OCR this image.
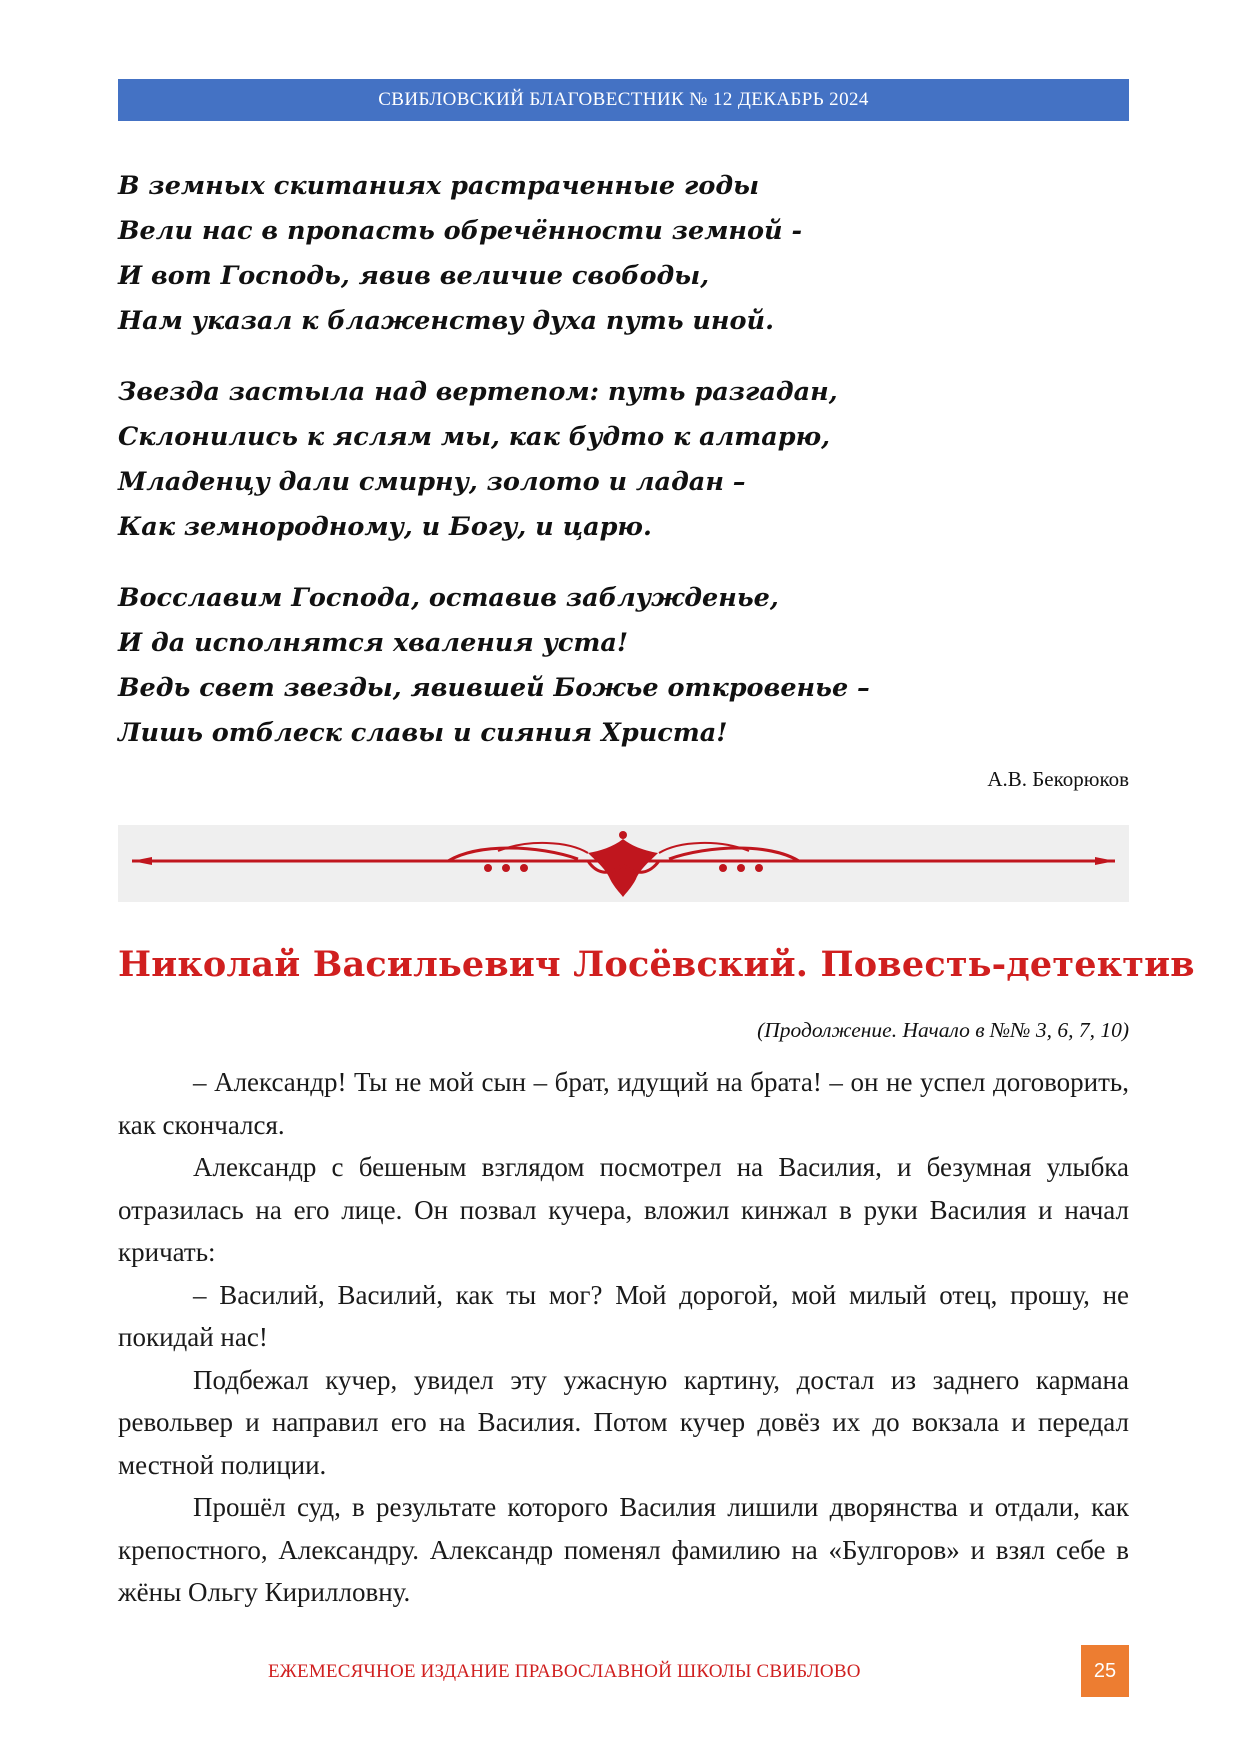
СВИБЛОВСКИЙ БЛАГОВЕСТНИК № 12 ДЕКАБРЬ 2024
В земных скитаниях растраченные годы
Вели нас в пропасть обречённости земной -
И вот Господь, явив величие свободы,
Нам указал к блаженству духа путь иной.
Звезда застыла над вертепом: путь разгадан,
Склонились к яслям мы, как будто к алтарю,
Младенцу дали смирну, золото и ладан –
Как земнородному, и Богу, и царю.
Восславим Господа, оставив заблужденье,
И да исполнятся хваления уста!
Ведь свет звезды, явившей Божье откровенье –
Лишь отблеск славы и сияния Христа!
А.В. Бекорюков
Николай Васильевич Лосёвский. Повесть-детектив
(Продолжение. Начало в №№ 3, 6, 7, 10)

– Александр! Ты не мой сын – брат, идущий на брата! – он не успел договорить, как скончался.

Александр с бешеным взглядом посмотрел на Василия, и безумная улыбка отразилась на его лице. Он позвал кучера, вложил кинжал в руки Василия и начал кричать:

– Василий, Василий, как ты мог? Мой дорогой, мой милый отец, прошу, не покидай нас!

Подбежал кучер, увидел эту ужасную картину, достал из заднего кармана револьвер и направил его на Василия. Потом кучер довёз их до вокзала и передал местной полиции.

Прошёл суд, в результате которого Василия лишили дворянства и отдали, как крепостного, Александру. Александр поменял фамилию на «Булгоров» и взял себе в жёны Ольгу Кирилловну.

ЕЖЕМЕСЯЧНОЕ ИЗДАНИЕ ПРАВОСЛАВНОЙ ШКОЛЫ СВИБЛОВО	25
